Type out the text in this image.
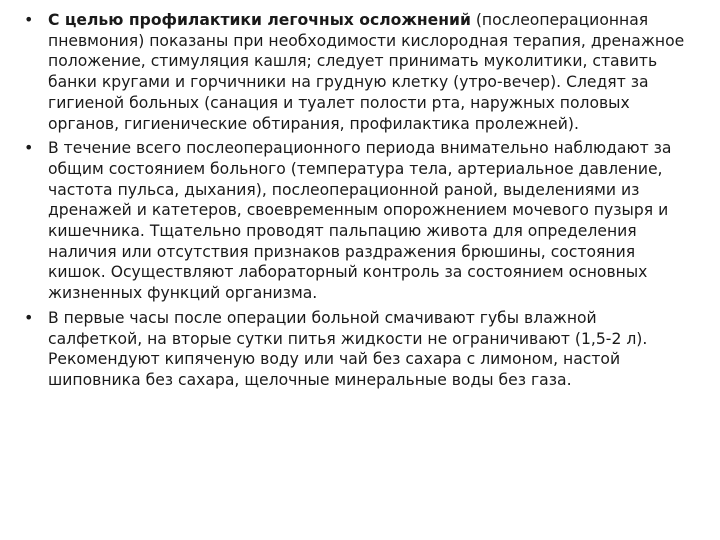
• С целью профилактики легочных осложнений (послеоперационная пневмония) показаны при необходимости кислородная терапия, дренажное положение, стимуляция кашля; следует принимать муколитики, ставить банки кругами и горчичники на грудную клетку (утро-вечер). Следят за гигиеной больных (санация и туалет полости рта, наружных половых органов, гигиенические обтирания, профилактика пролежней).
• В течение всего послеоперационного периода внимательно наблюдают за общим состоянием больного (температура тела, артериальное давление, частота пульса, дыхания), послеоперационной раной, выделениями из дренажей и катетеров, своевременным опорожнением мочевого пузыря и кишечника. Тщательно проводят пальпацию живота для определения наличия или отсутствия признаков раздражения брюшины, состояния кишок. Осуществляют лабораторный контроль за состоянием основных жизненных функций организма.
• В первые часы после операции больной смачивают губы влажной салфеткой, на вторые сутки питья жидкости не ограничивают (1,5-2 л). Рекомендуют кипяченую воду или чай без сахара с лимоном, настой шиповника без сахара, щелочные минеральные воды без газа.
